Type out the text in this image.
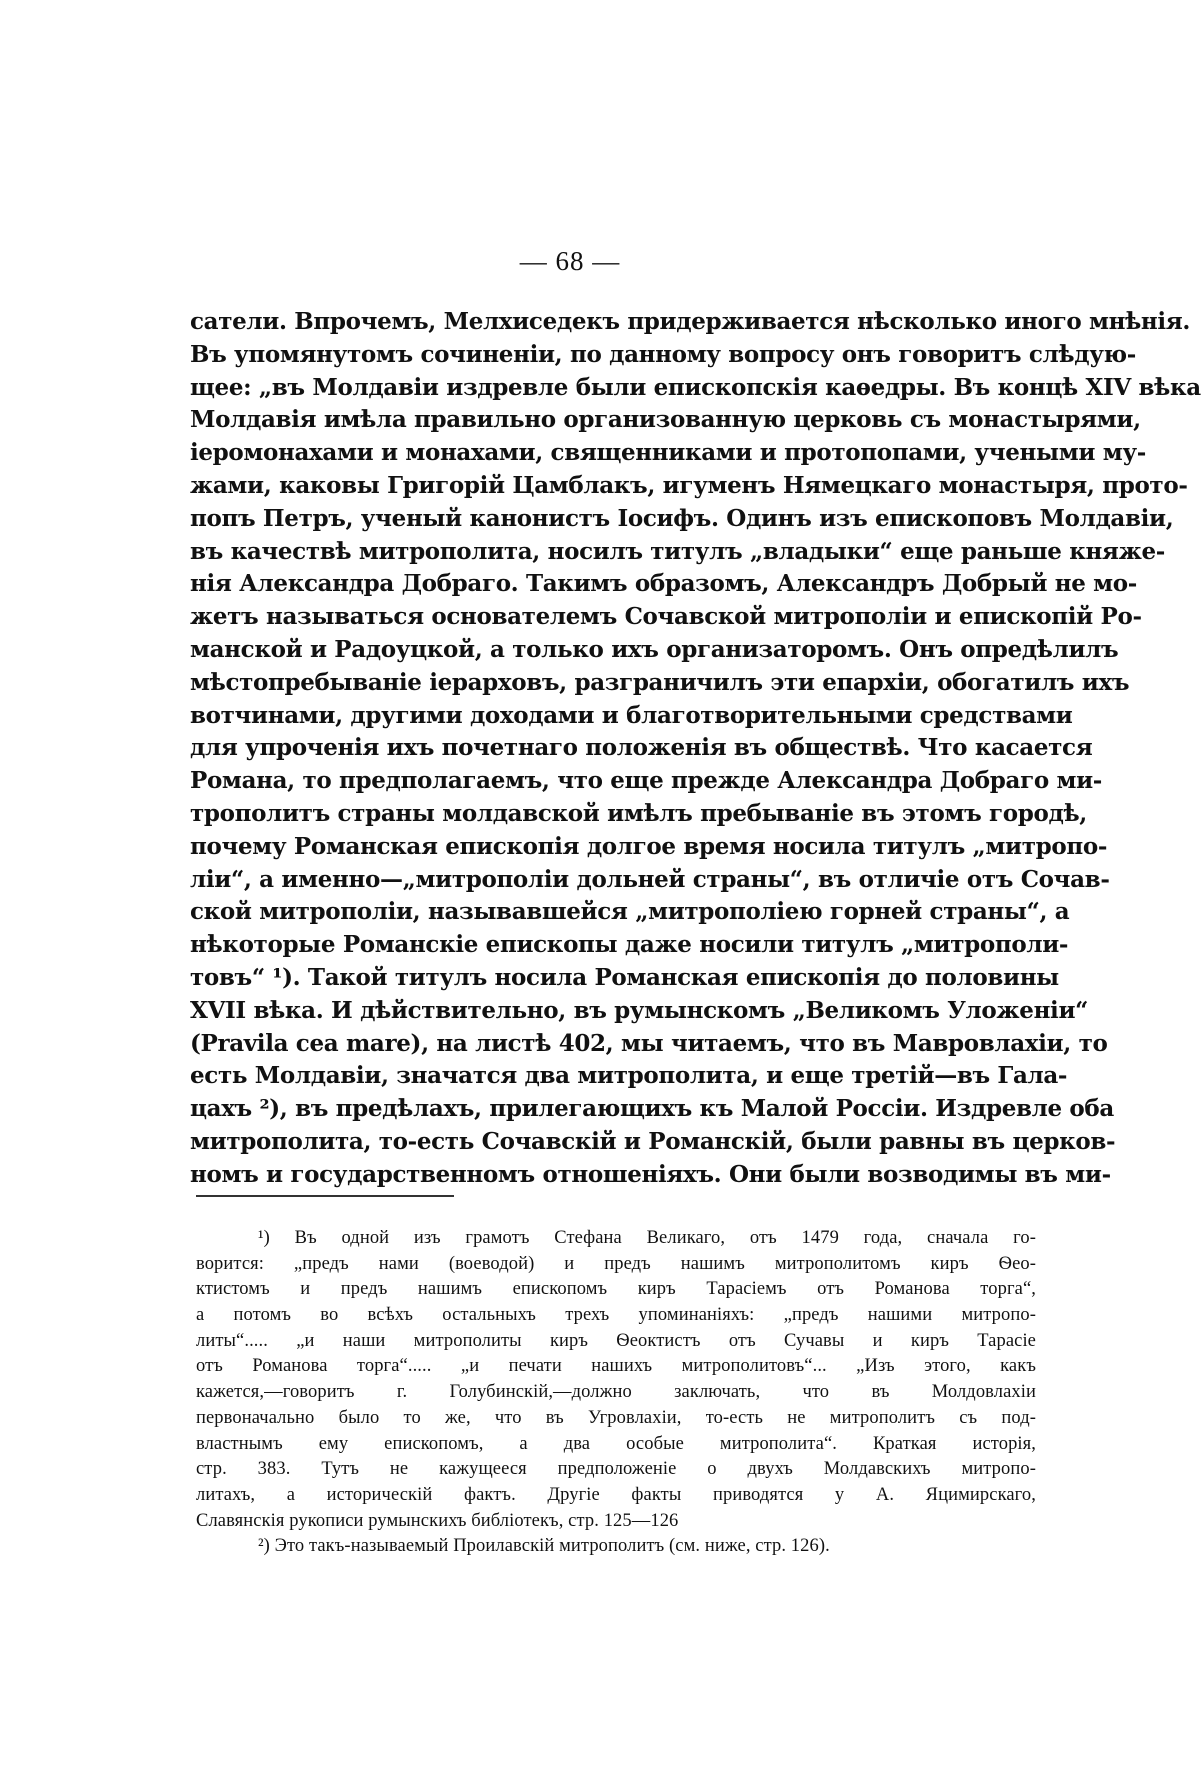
— 68 —
сатели. Впрочемъ, Мелхиседекъ придерживается нѣсколько иного мнѣнія.
Въ упомянутомъ сочиненіи, по данному вопросу онъ говоритъ слѣдую-
щее: „въ Молдавіи издревле были епископскія каѳедры. Въ концѣ XIV вѣка
Молдавія имѣла правильно организованную церковь съ монастырями,
іеромонахами и монахами, священниками и протопопами, учеными му-
жами, каковы Григорій Цамблакъ, игуменъ Нямецкаго монастыря, прото-
попъ Петръ, ученый канонистъ Іосифъ. Одинъ изъ епископовъ Молдавіи,
въ качествѣ митрополита, носилъ титулъ „владыки“ еще раньше княже-
нія Александра Добраго. Такимъ образомъ, Александръ Добрый не мо-
жетъ называться основателемъ Сочавской митрополіи и епископій Ро-
манской и Радоуцкой, а только ихъ организаторомъ. Онъ опредѣлилъ
мѣстопребываніе іерарховъ, разграничилъ эти епархіи, обогатилъ ихъ
вотчинами, другими доходами и благотворительными средствами
для упроченія ихъ почетнаго положенія въ обществѣ. Что касается
Романа, то предполагаемъ, что еще прежде Александра Добраго ми-
трополитъ страны молдавской имѣлъ пребываніе въ этомъ городѣ,
почему Романская епископія долгое время носила титулъ „митропо-
ліи“, а именно—„митрополіи дольней страны“, въ отличіе отъ Сочав-
ской митрополіи, называвшейся „митрополіею горней страны“, а
нѣкоторые Романскіе епископы даже носили титулъ „митрополи-
товъ“ ¹). Такой титулъ носила Романская епископія до половины
XVII вѣка. И дѣйствительно, въ румынскомъ „Великомъ Уложеніи“
(Pravila cea mare), на листѣ 402, мы читаемъ, что въ Мавровлахіи, то
есть Молдавіи, значатся два митрополита, и еще третій—въ Гала-
цахъ ²), въ предѣлахъ, прилегающихъ къ Малой Россіи. Издревле оба
митрополита, то-есть Сочавскій и Романскій, были равны въ церков-
номъ и государственномъ отношеніяхъ. Они были возводимы въ ми-
¹) Въ одной изъ грамотъ Стефана Великаго, отъ 1479 года, сначала го-
ворится: „предъ нами (воеводой) и предъ нашимъ митрополитомъ киръ Ѳео-
ктистомъ и предъ нашимъ епископомъ киръ Тарасіемъ отъ Романова торга“,
а потомъ во всѣхъ остальныхъ трехъ упоминаніяхъ: „предъ нашими митропо-
литы“..... „и наши митрополиты киръ Ѳеоктистъ отъ Сучавы и киръ Тарасіе
отъ Романова торга“..... „и печати нашихъ митрополитовъ“... „Изъ этого, какъ
кажется,—говоритъ г. Голубинскій,—должно заключать, что въ Молдовлахіи
первоначально было то же, что въ Угровлахіи, то-есть не митрополитъ съ под-
властнымъ ему епископомъ, а два особые митрополита“. Краткая исторія,
стр. 383. Тутъ не кажущееся предположеніе о двухъ Молдавскихъ митропо-
литахъ, а историческій фактъ. Другіе факты приводятся у А. Яцимирскаго,
Славянскія рукописи румынскихъ библіотекъ, стр. 125—126
²) Это такъ-называемый Проилавскій митрополитъ (см. ниже, стр. 126).
